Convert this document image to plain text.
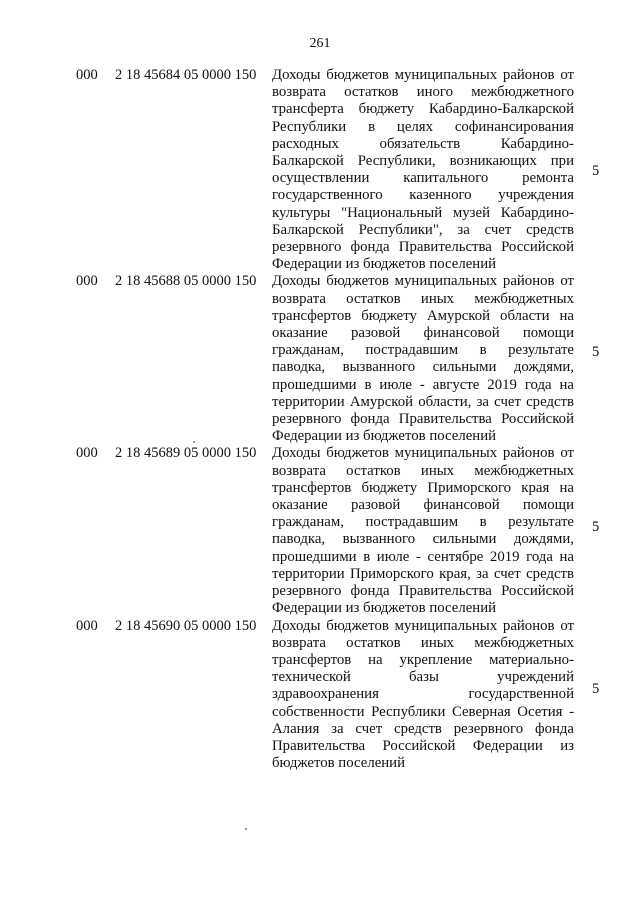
261
000 2 18 45684 05 0000 150 Доходы бюджетов муниципальных районов от
возврата остатков иного межбюджетного
трансферта бюджету Кабардино-Балкарской
Республики в целях софинансирования
расходных обязательств Кабардино-
Балкарской Республики, возникающих при
осуществлении капитального ремонта
государственного казенного учреждения
культуры "Национальный музей Кабардино-
Балкарской Республики", за счет средств
резервного фонда Правительства Российской
Федерации из бюджетов поселений
5
000 2 18 45688 05 0000 150 Доходы бюджетов муниципальных районов от
возврата остатков иных межбюджетных
трансфертов бюджету Амурской области на
оказание разовой финансовой помощи
гражданам, пострадавшим в результате
паводка, вызванного сильными дождями,
прошедшими в июле - августе 2019 года на
территории Амурской области, за счет средств
резервного фонда Правительства Российской
Федерации из бюджетов поселений
5
000 2 18 45689 05 0000 150 Доходы бюджетов муниципальных районов от
возврата остатков иных межбюджетных
трансфертов бюджету Приморского края на
оказание разовой финансовой помощи
гражданам, пострадавшим в результате
паводка, вызванного сильными дождями,
прошедшими в июле - сентябре 2019 года на
территории Приморского края, за счет средств
резервного фонда Правительства Российской
Федерации из бюджетов поселений
5
000 2 18 45690 05 0000 150 Доходы бюджетов муниципальных районов от
возврата остатков иных межбюджетных
трансфертов на укрепление материально-
технической базы учреждений
здравоохранения государственной
собственности Республики Северная Осетия -
Алания за счет средств резервного фонда
Правительства Российской Федерации из
бюджетов поселений
5
